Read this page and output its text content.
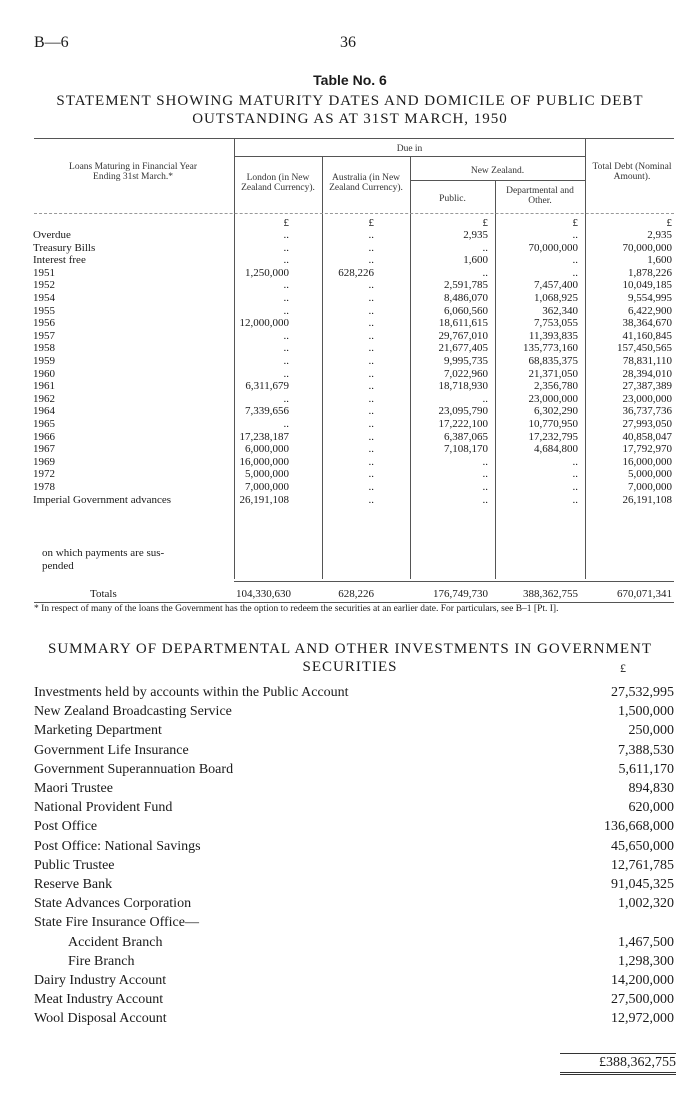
B—6	36
Table No. 6
STATEMENT SHOWING MATURITY DATES AND DOMICILE OF PUBLIC DEBT OUTSTANDING AS AT 31ST MARCH, 1950
Loans Maturing in Financial Year Ending 31st March.*
Due in
London (in New Zealand Currency).
Australia (in New Zealand Currency).
New Zealand.
Public.
Departmental and Other.
Total Debt (Nominal Amount).
£	£	£	£	£
Overdue	..	..	2,935	..	2,935
Treasury Bills	..	..	..	70,000,000	70,000,000
Interest free	..	..	1,600	..	1,600
1951	1,250,000	628,226	..	..	1,878,226
1952	..	..	2,591,785	7,457,400	10,049,185
1954	..	..	8,486,070	1,068,925	9,554,995
1955	..	..	6,060,560	362,340	6,422,900
1956	12,000,000	..	18,611,615	7,753,055	38,364,670
1957	..	..	29,767,010	11,393,835	41,160,845
1958	..	..	21,677,405	135,773,160	157,450,565
1959	..	..	9,995,735	68,835,375	78,831,110
1960	..	..	7,022,960	21,371,050	28,394,010
1961	6,311,679	..	18,718,930	2,356,780	27,387,389
1962	..	..	..	23,000,000	23,000,000
1964	7,339,656	..	23,095,790	6,302,290	36,737,736
1965	..	..	17,222,100	10,770,950	27,993,050
1966	17,238,187	..	6,387,065	17,232,795	40,858,047
1967	6,000,000	..	7,108,170	4,684,800	17,792,970
1969	16,000,000	..	..	..	16,000,000
1972	5,000,000	..	..	..	5,000,000
1978	7,000,000	..	..	..	7,000,000
Imperial Government advances	26,191,108	..	..	..	26,191,108
on which payments are sus-
pended
Totals	104,330,630	628,226	176,749,730	388,362,755	670,071,341
* In respect of many of the loans the Government has the option to redeem the securities at an earlier date. For particulars, see B–1 [Pt. I].
SUMMARY OF DEPARTMENTAL AND OTHER INVESTMENTS IN GOVERNMENT SECURITIES	£
Investments held by accounts within the Public Account	27,532,995
New Zealand Broadcasting Service	1,500,000
Marketing Department	250,000
Government Life Insurance	7,388,530
Government Superannuation Board	5,611,170
Maori Trustee	894,830
National Provident Fund	620,000
Post Office	136,668,000
Post Office: National Savings	45,650,000
Public Trustee	12,761,785
Reserve Bank	91,045,325
State Advances Corporation	1,002,320
State Fire Insurance Office—
Accident Branch	1,467,500
Fire Branch	1,298,300
Dairy Industry Account	14,200,000
Meat Industry Account	27,500,000
Wool Disposal Account	12,972,000
£388,362,755
